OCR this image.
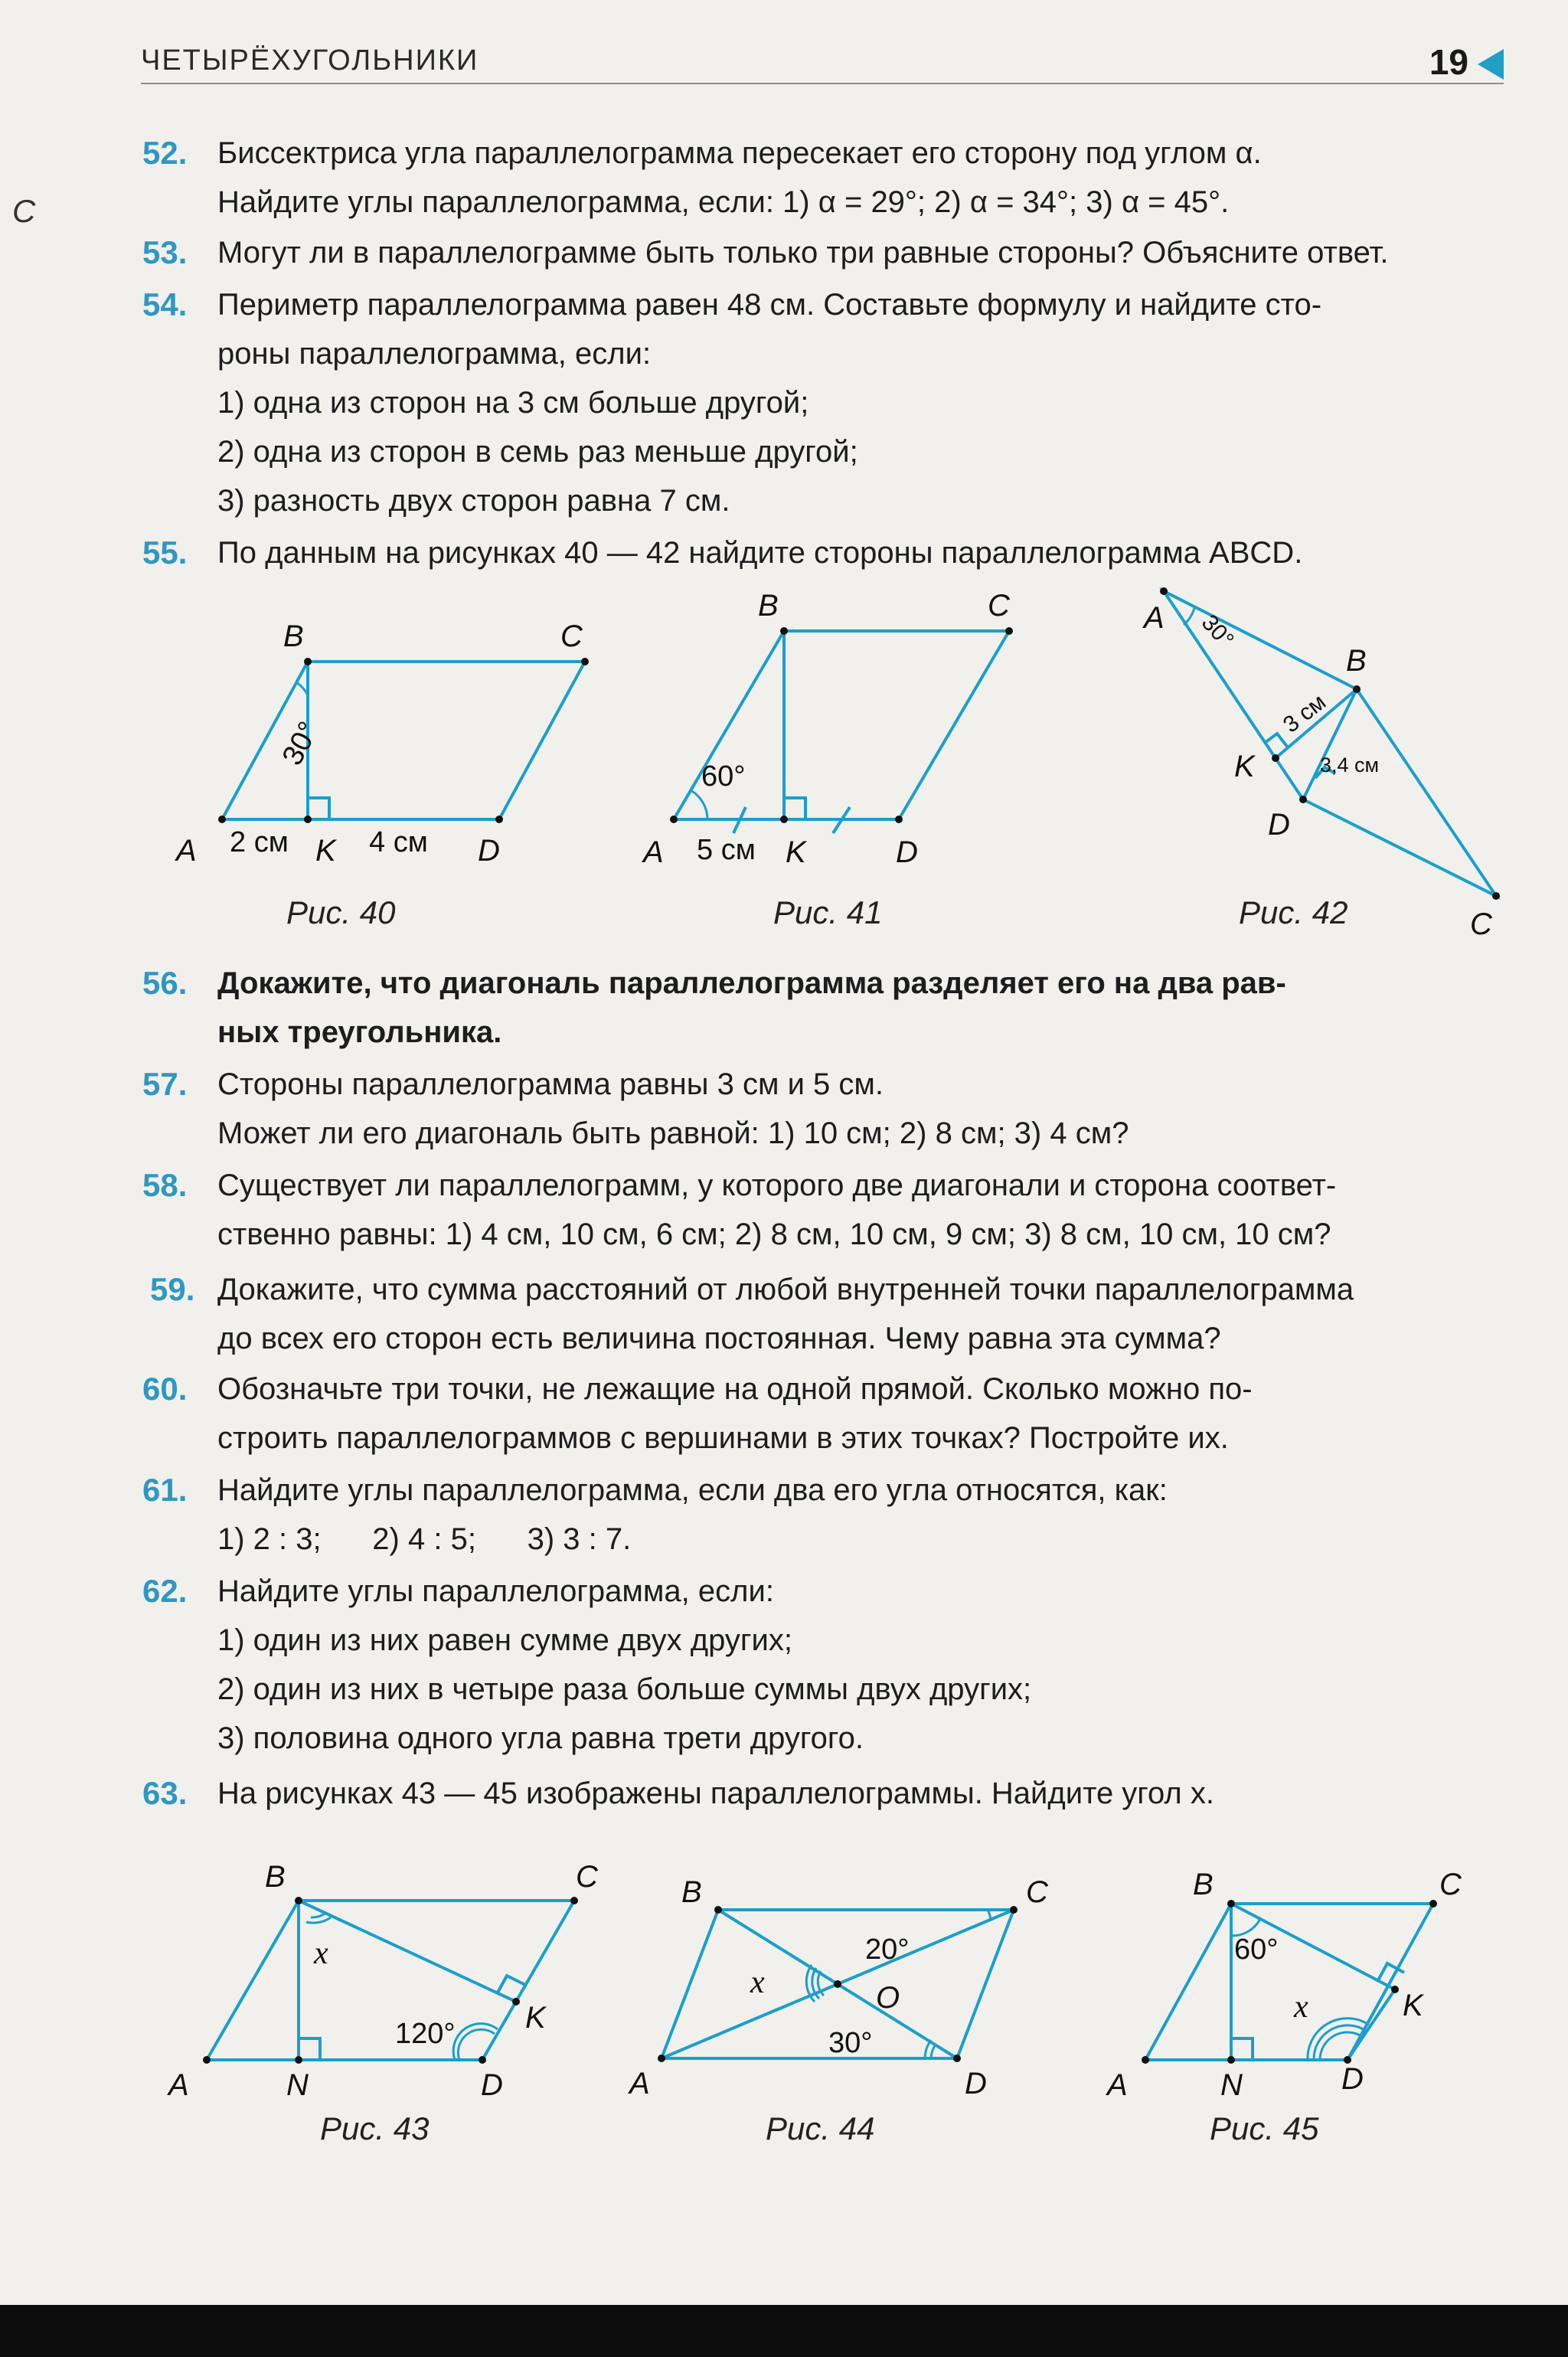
ЧЕТЫРЁХУГОЛЬНИКИ	19
C
52. Биссектриса угла параллелограмма пересекает его сторону под углом α.
Найдите углы параллелограмма, если: 1) α = 29°; 2) α = 34°; 3) α = 45°.
53. Могут ли в параллелограмме быть только три равные стороны? Объясните ответ.
54. Периметр параллелограмма равен 48 см. Составьте формулу и найдите сто-
роны параллелограмма, если:
1) одна из сторон на 3 см больше другой;
2) одна из сторон в семь раз меньше другой;
3) разность двух сторон равна 7 см.
55. По данным на рисунках 40 — 42 найдите стороны параллелограмма ABCD.
A
B	C
D
K
2 см	4 см
30°
Рис. 40
A
B	C
D
K
60°
5 см
Рис. 41
A
B
C
D
K
30°
3 см
3,4 см
Рис. 42
56. Докажите, что диагональ параллелограмма разделяет его на два рав-
ных треугольника.
57. Стороны параллелограмма равны 3 см и 5 см.
Может ли его диагональ быть равной: 1) 10 см; 2) 8 см; 3) 4 см?
58. Существует ли параллелограмм, у которого две диагонали и сторона соответ-
ственно равны: 1) 4 см, 10 см, 6 см; 2) 8 см, 10 см, 9 см; 3) 8 см, 10 см, 10 см?
59. Докажите, что сумма расстояний от любой внутренней точки параллелограмма
до всех его сторон есть величина постоянная. Чему равна эта сумма?
60. Обозначьте три точки, не лежащие на одной прямой. Сколько можно по-
строить параллелограммов с вершинами в этих точках? Постройте их.
61. Найдите углы параллелограмма, если два его угла относятся, как:
1) 2 : 3;      2) 4 : 5;      3) 3 : 7.
62. Найдите углы параллелограмма, если:
1) один из них равен сумме двух других;
2) один из них в четыре раза больше суммы двух других;
3) половина одного угла равна трети другого.
63. На рисунках 43 — 45 изображены параллелограммы. Найдите угол x.
A
B	C
D
N
K
x
120°
Рис. 43
A
B	C
D
O
x
20°
30°
Рис. 44
A
B	C
D
N
K
x
60°
Рис. 45
